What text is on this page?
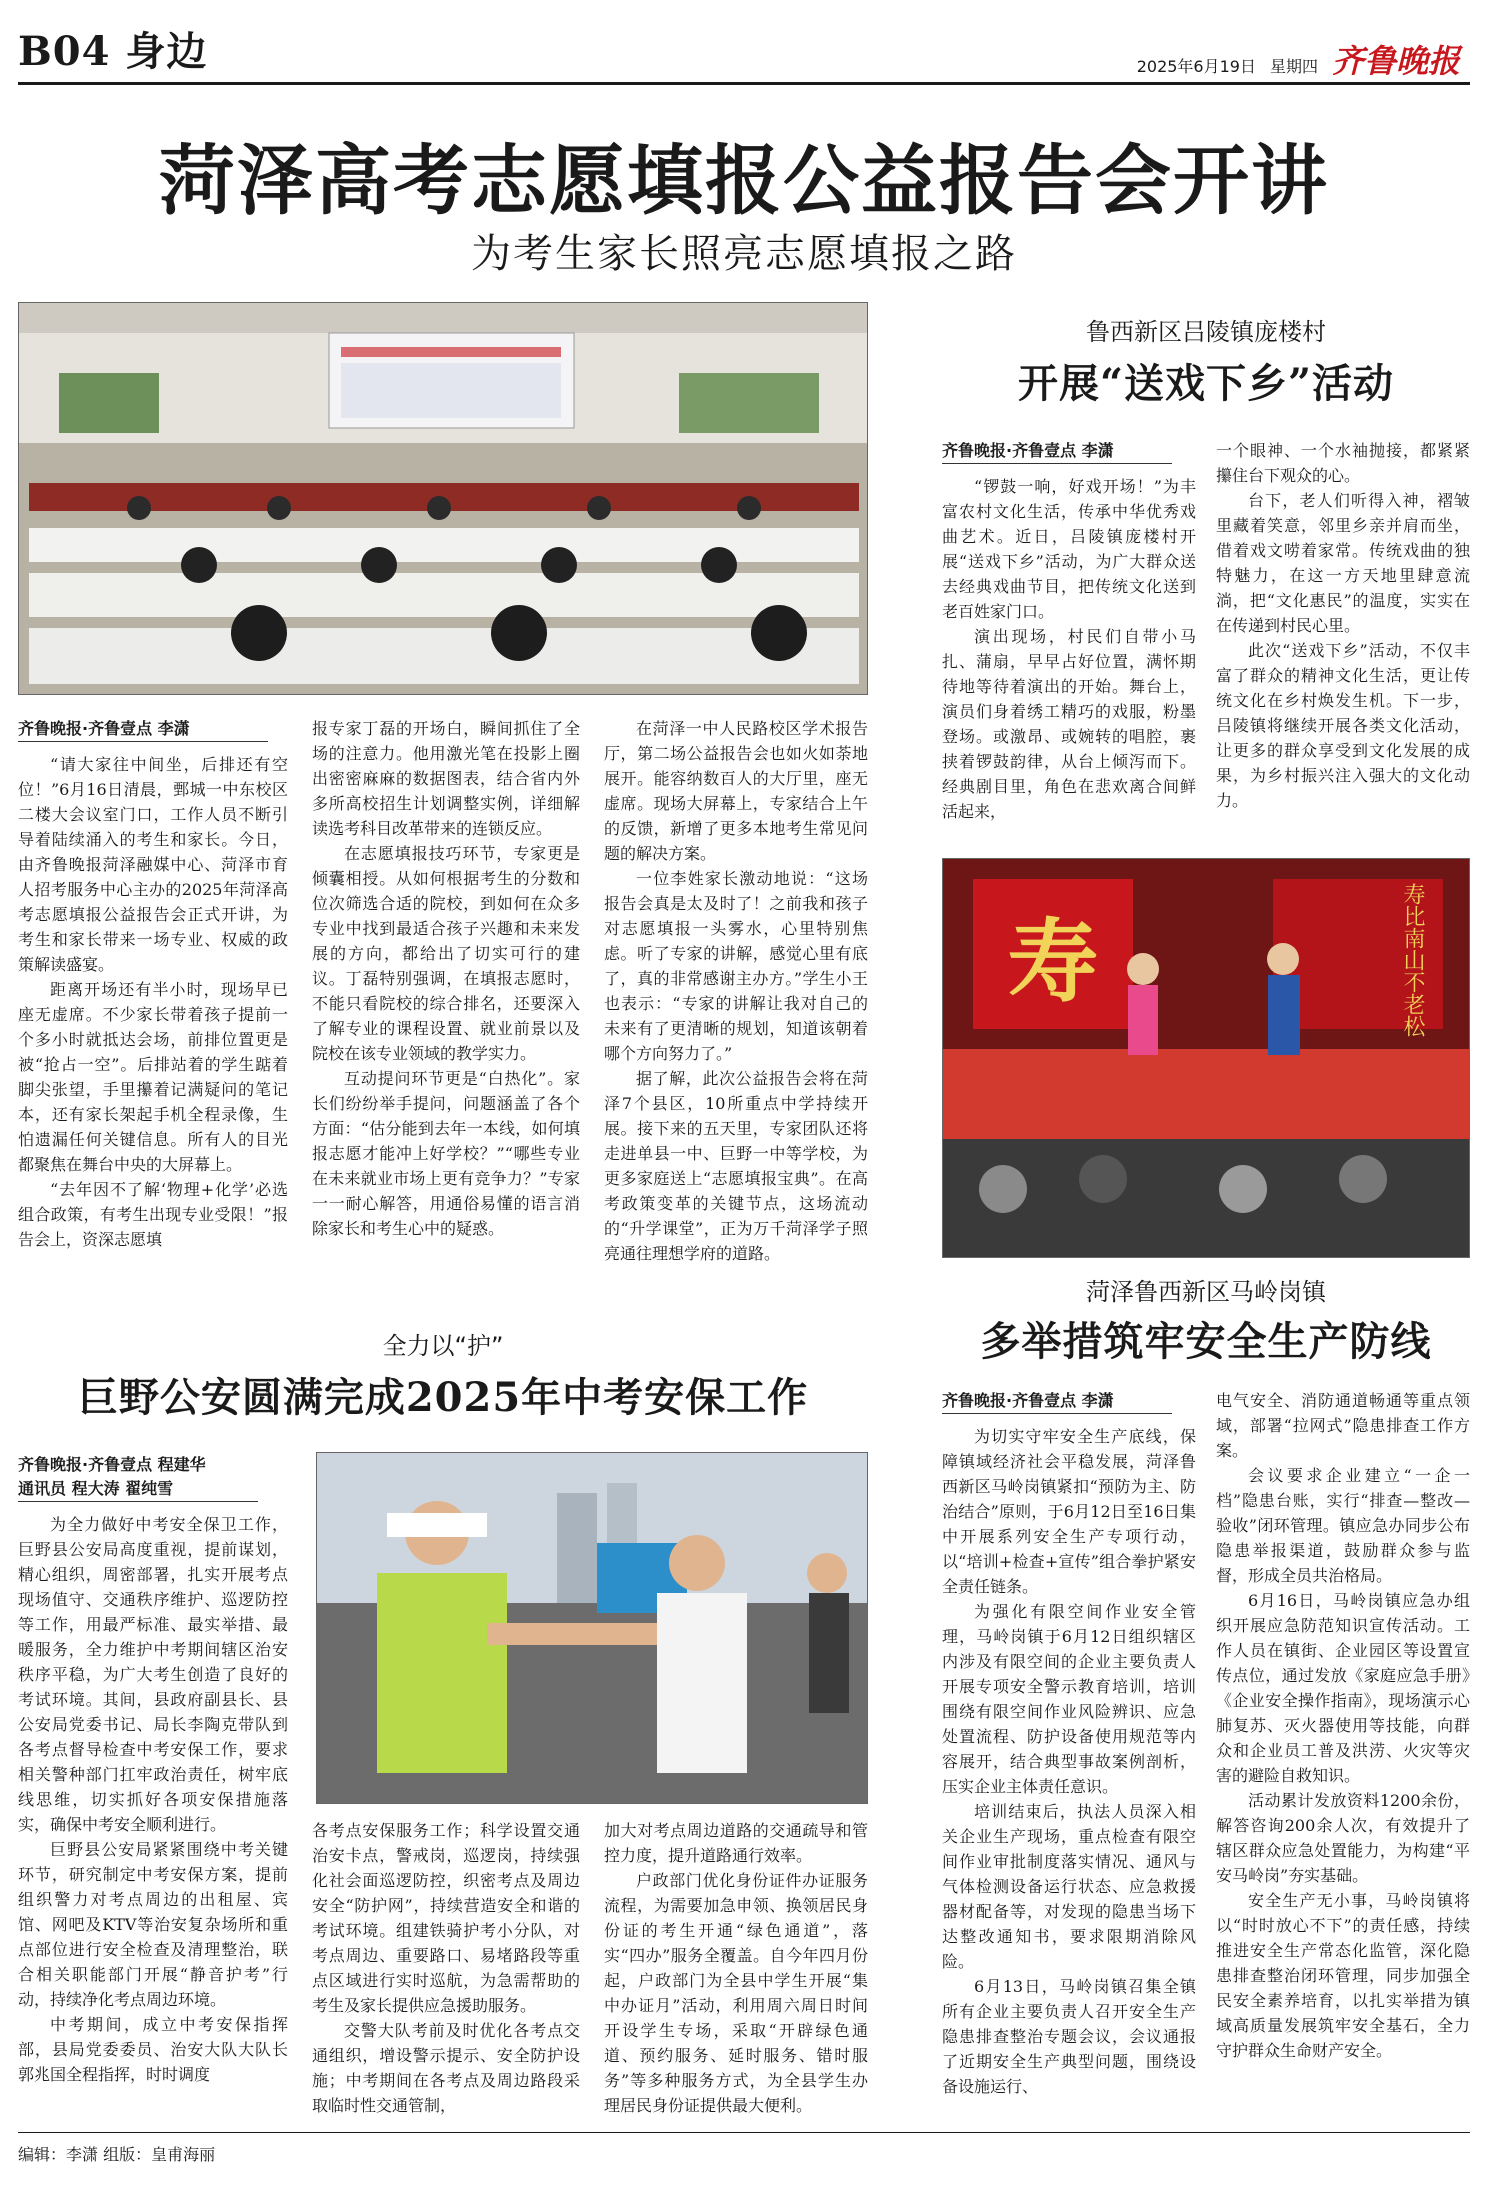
B04 身边	2025年6月19日 星期四 齐鲁晚报
菏泽高考志愿填报公益报告会开讲
为考生家长照亮志愿填报之路
齐鲁晚报·齐鲁壹点 李潇

“请大家往中间坐，后排还有空位！”6月16日清晨，鄄城一中东校区二楼大会议室门口，工作人员不断引导着陆续涌入的考生和家长。今日，由齐鲁晚报菏泽融媒中心、菏泽市育人招考服务中心主办的2025年菏泽高考志愿填报公益报告会正式开讲，为考生和家长带来一场专业、权威的政策解读盛宴。

距离开场还有半小时，现场早已座无虚席。不少家长带着孩子提前一个多小时就抵达会场，前排位置更是被“抢占一空”。后排站着的学生踮着脚尖张望，手里攥着记满疑问的笔记本，还有家长架起手机全程录像，生怕遗漏任何关键信息。所有人的目光都聚焦在舞台中央的大屏幕上。

“去年因不了解‘物理+化学’必选组合政策，有考生出现专业受限！”报告会上，资深志愿填

报专家丁磊的开场白，瞬间抓住了全场的注意力。他用激光笔在投影上圈出密密麻麻的数据图表，结合省内外多所高校招生计划调整实例，详细解读选考科目改革带来的连锁反应。

在志愿填报技巧环节，专家更是倾囊相授。从如何根据考生的分数和位次筛选合适的院校，到如何在众多专业中找到最适合孩子兴趣和未来发展的方向，都给出了切实可行的建议。丁磊特别强调，在填报志愿时，不能只看院校的综合排名，还要深入了解专业的课程设置、就业前景以及院校在该专业领域的教学实力。

互动提问环节更是“白热化”。家长们纷纷举手提问，问题涵盖了各个方面：“估分能到去年一本线，如何填报志愿才能冲上好学校？”“哪些专业在未来就业市场上更有竞争力？”专家一一耐心解答，用通俗易懂的语言消除家长和考生心中的疑惑。

在菏泽一中人民路校区学术报告厅，第二场公益报告会也如火如荼地展开。能容纳数百人的大厅里，座无虚席。现场大屏幕上，专家结合上午的反馈，新增了更多本地考生常见问题的解决方案。

一位李姓家长激动地说：“这场报告会真是太及时了！之前我和孩子对志愿填报一头雾水，心里特别焦虑。听了专家的讲解，感觉心里有底了，真的非常感谢主办方。”学生小王也表示：“专家的讲解让我对自己的未来有了更清晰的规划，知道该朝着哪个方向努力了。”

据了解，此次公益报告会将在菏泽7个县区，10所重点中学持续开展。接下来的五天里，专家团队还将走进单县一中、巨野一中等学校，为更多家庭送上“志愿填报宝典”。在高考政策变革的关键节点，这场流动的“升学课堂”，正为万千菏泽学子照亮通往理想学府的道路。

鲁西新区吕陵镇庞楼村
开展“送戏下乡”活动
齐鲁晚报·齐鲁壹点 李潇

“锣鼓一响，好戏开场！”为丰富农村文化生活，传承中华优秀戏曲艺术。近日，吕陵镇庞楼村开展“送戏下乡”活动，为广大群众送去经典戏曲节目，把传统文化送到老百姓家门口。

演出现场，村民们自带小马扎、蒲扇，早早占好位置，满怀期待地等待着演出的开始。舞台上，演员们身着绣工精巧的戏服，粉墨登场。或激昂、或婉转的唱腔，裹挟着锣鼓韵律，从台上倾泻而下。经典剧目里，角色在悲欢离合间鲜活起来，

一个眼神、一个水袖抛接，都紧紧攥住台下观众的心。

台下，老人们听得入神，褶皱里藏着笑意，邻里乡亲并肩而坐，借着戏文唠着家常。传统戏曲的独特魅力，在这一方天地里肆意流淌，把“文化惠民”的温度，实实在在传递到村民心里。

此次“送戏下乡”活动，不仅丰富了群众的精神文化生活，更让传统文化在乡村焕发生机。下一步，吕陵镇将继续开展各类文化活动，让更多的群众享受到文化发展的成果，为乡村振兴注入强大的文化动力。

寿	寿比南山不老松
菏泽鲁西新区马岭岗镇
多举措筑牢安全生产防线
齐鲁晚报·齐鲁壹点 李潇

为切实守牢安全生产底线，保障镇域经济社会平稳发展，菏泽鲁西新区马岭岗镇紧扣“预防为主、防治结合”原则，于6月12日至16日集中开展系列安全生产专项行动，以“培训+检查+宣传”组合拳护紧安全责任链条。

为强化有限空间作业安全管理，马岭岗镇于6月12日组织辖区内涉及有限空间的企业主要负责人开展专项安全警示教育培训，培训围绕有限空间作业风险辨识、应急处置流程、防护设备使用规范等内容展开，结合典型事故案例剖析，压实企业主体责任意识。

培训结束后，执法人员深入相关企业生产现场，重点检查有限空间作业审批制度落实情况、通风与气体检测设备运行状态、应急救援器材配备等，对发现的隐患当场下达整改通知书，要求限期消除风险。

6月13日，马岭岗镇召集全镇所有企业主要负责人召开安全生产隐患排查整治专题会议，会议通报了近期安全生产典型问题，围绕设备设施运行、

电气安全、消防通道畅通等重点领域，部署“拉网式”隐患排查工作方案。

会议要求企业建立“一企一档”隐患台账，实行“排查—整改—验收”闭环管理。镇应急办同步公布隐患举报渠道，鼓励群众参与监督，形成全员共治格局。

6月16日，马岭岗镇应急办组织开展应急防范知识宣传活动。工作人员在镇街、企业园区等设置宣传点位，通过发放《家庭应急手册》《企业安全操作指南》，现场演示心肺复苏、灭火器使用等技能，向群众和企业员工普及洪涝、火灾等灾害的避险自救知识。

活动累计发放资料1200余份，解答咨询200余人次，有效提升了辖区群众应急处置能力，为构建“平安马岭岗”夯实基础。

安全生产无小事，马岭岗镇将以“时时放心不下”的责任感，持续推进安全生产常态化监管，深化隐患排查整治闭环管理，同步加强全民安全素养培育，以扎实举措为镇域高质量发展筑牢安全基石，全力守护群众生命财产安全。

全力以“护”
巨野公安圆满完成2025年中考安保工作
齐鲁晚报·齐鲁壹点 程建华
通讯员 程大涛 翟纯雪

为全力做好中考安全保卫工作，巨野县公安局高度重视，提前谋划，精心组织，周密部署，扎实开展考点现场值守、交通秩序维护、巡逻防控等工作，用最严标准、最实举措、最暖服务，全力维护中考期间辖区治安秩序平稳，为广大考生创造了良好的考试环境。其间，县政府副县长、县公安局党委书记、局长李陶克带队到各考点督导检查中考安保工作，要求相关警种部门扛牢政治责任，树牢底线思维，切实抓好各项安保措施落实，确保中考安全顺利进行。

巨野县公安局紧紧围绕中考关键环节，研究制定中考安保方案，提前组织警力对考点周边的出租屋、宾馆、网吧及KTV等治安复杂场所和重点部位进行安全检查及清理整治，联合相关职能部门开展“静音护考”行动，持续净化考点周边环境。

中考期间，成立中考安保指挥部，县局党委委员、治安大队大队长郭兆国全程指挥，时时调度

各考点安保服务工作；科学设置交通治安卡点，警戒岗，巡逻岗，持续强化社会面巡逻防控，织密考点及周边安全“防护网”，持续营造安全和谐的考试环境。组建铁骑护考小分队，对考点周边、重要路口、易堵路段等重点区域进行实时巡航，为急需帮助的考生及家长提供应急援助服务。

交警大队考前及时优化各考点交通组织，增设警示提示、安全防护设施；中考期间在各考点及周边路段采取临时性交通管制，

加大对考点周边道路的交通疏导和管控力度，提升道路通行效率。

户政部门优化身份证件办证服务流程，为需要加急申领、换领居民身份证的考生开通“绿色通道”，落实“四办”服务全覆盖。自今年四月份起，户政部门为全县中学生开展“集中办证月”活动，利用周六周日时间开设学生专场，采取“开辟绿色通道、预约服务、延时服务、错时服务”等多种服务方式，为全县学生办理居民身份证提供最大便利。

编辑：李潇 组版：皇甫海丽
